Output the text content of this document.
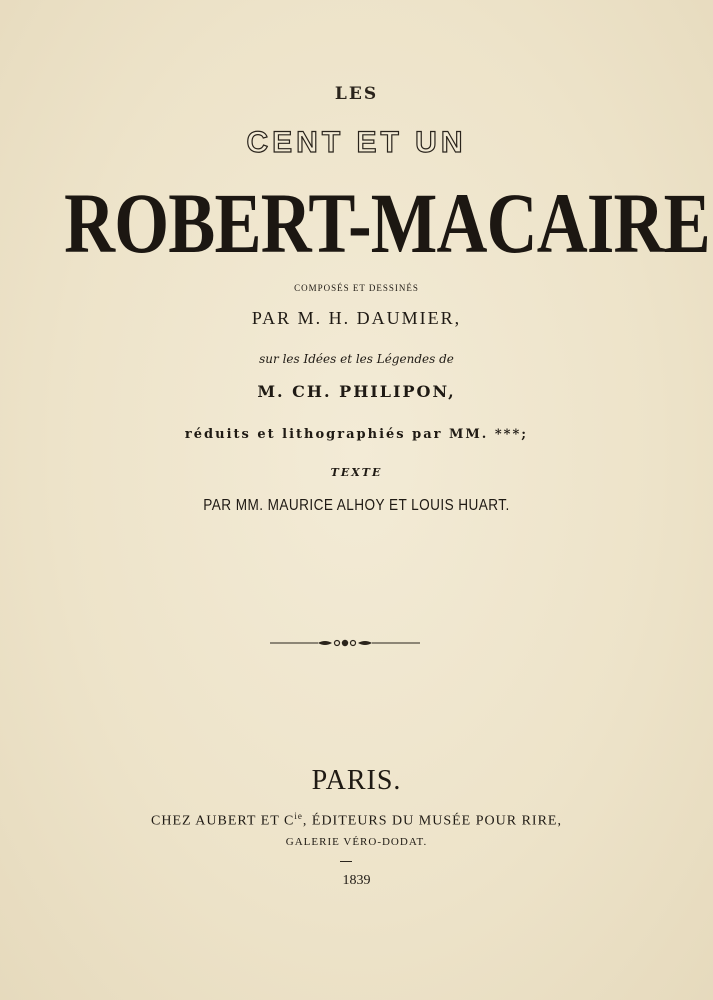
LES
CENT ET UN
ROBERT-MACAIRE
COMPOSÉS ET DESSINÉS
PAR M. H. DAUMIER,
sur les Idées et les Légendes de
M. CH. PHILIPON,
réduits et lithographiés par MM. ***;
TEXTE
PAR MM. MAURICE ALHOY ET LOUIS HUART.
PARIS.
CHEZ AUBERT ET $C^{ie}$, ÉDITEURS DU MUSÉE POUR RIRE,
GALERIE VÉRO-DODAT.
1839
